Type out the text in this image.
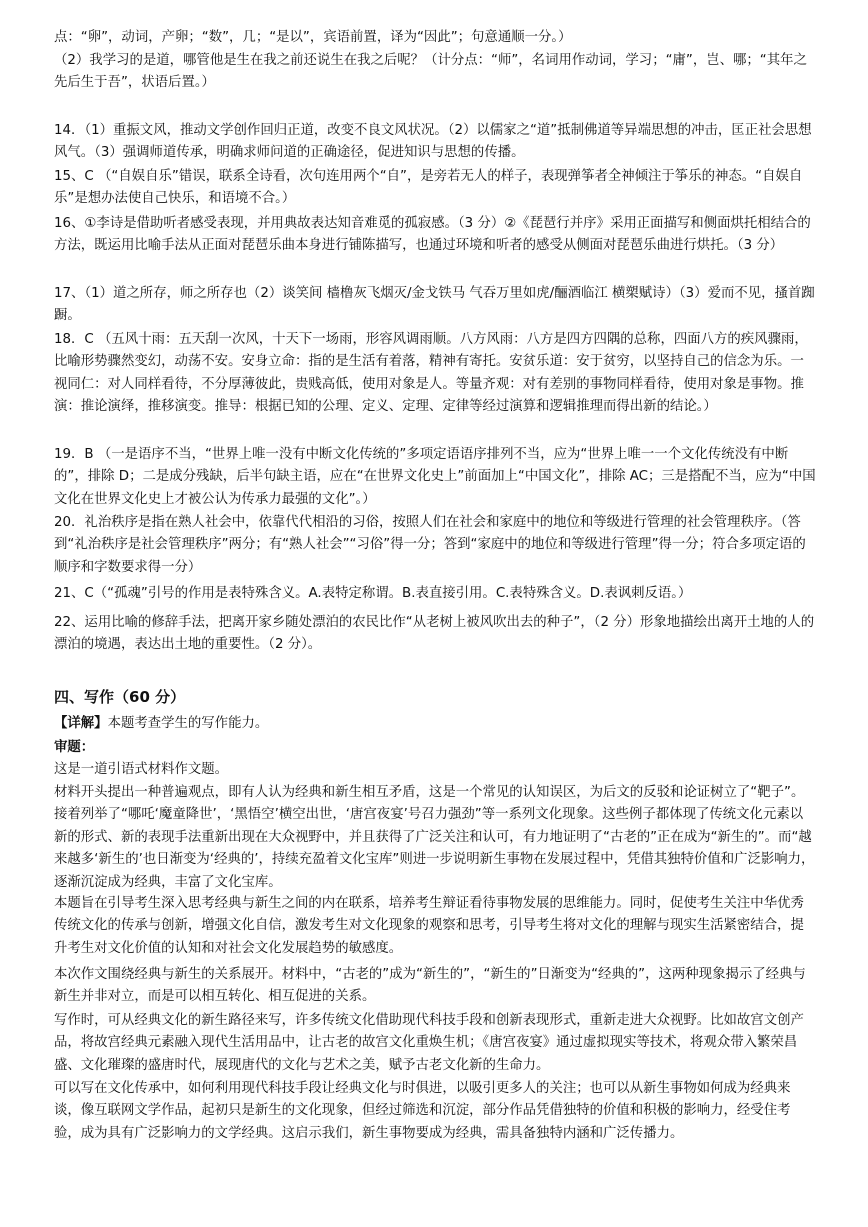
点：“卵”，动词，产卵；“数”，几；“是以”，宾语前置，译为“因此”；句意通顺一分。）

（2）我学习的是道，哪管他是生在我之前还说生在我之后呢？（计分点：“师”，名词用作动词，学习；“庸”，岂、哪；“其年之先后生于吾”，状语后置。）

14．（1）重振文风，推动文学创作回归正道，改变不良文风状况。（2）以儒家之“道”抵制佛道等异端思想的冲击，匡正社会思想风气。（3）强调师道传承，明确求师问道的正确途径，促进知识与思想的传播。

15、C （“自娱自乐”错误，联系全诗看，次句连用两个“自”，是旁若无人的样子，表现弹筝者全神倾注于筝乐的神态。“自娱自乐”是想办法使自己快乐，和语境不合。）

16、①李诗是借助听者感受表现，并用典故表达知音难觅的孤寂感。（3 分）②《琵琶行并序》采用正面描写和侧面烘托相结合的方法，既运用比喻手法从正面对琵琶乐曲本身进行铺陈描写，也通过环境和听者的感受从侧面对琵琶乐曲进行烘托。（3 分）

17、（1）道之所存，师之所存也（2）谈笑间 樯橹灰飞烟灭/金戈铁马 气吞万里如虎/酾酒临江 横槊赋诗）（3）爱而不见，搔首踟蹰。

18．C （五风十雨：五天刮一次风，十天下一场雨，形容风调雨顺。八方风雨：八方是四方四隅的总称，四面八方的疾风骤雨，比喻形势骤然变幻，动荡不安。安身立命：指的是生活有着落，精神有寄托。安贫乐道：安于贫穷，以坚持自己的信念为乐。一视同仁：对人同样看待，不分厚薄彼此，贵贱高低，使用对象是人。等量齐观：对有差别的事物同样看待，使用对象是事物。推演：推论演绎，推移演变。推导：根据已知的公理、定义、定理、定律等经过演算和逻辑推理而得出新的结论。）

19．B （一是语序不当，“世界上唯一没有中断文化传统的”多项定语语序排列不当，应为“世界上唯一一个文化传统没有中断的”，排除 D；二是成分残缺，后半句缺主语，应在“在世界文化史上”前面加上“中国文化”，排除 AC；三是搭配不当，应为“中国文化在世界文化史上才被公认为传承力最强的文化”。）

20．礼治秩序是指在熟人社会中，依靠代代相沿的习俗，按照人们在社会和家庭中的地位和等级进行管理的社会管理秩序。（答到“礼治秩序是社会管理秩序”两分；有“熟人社会”“习俗”得一分；答到“家庭中的地位和等级进行管理”得一分；符合多项定语的顺序和字数要求得一分）

21、C（“孤魂”引号的作用是表特殊含义。A.表特定称谓。B.表直接引用。C.表特殊含义。D.表讽刺反语。）

22、运用比喻的修辞手法，把离开家乡随处漂泊的农民比作“从老树上被风吹出去的种子”，（2 分）形象地描绘出离开土地的人的漂泊的境遇，表达出土地的重要性。（2 分）。

四、写作（60 分）

【详解】本题考查学生的写作能力。

审题：

这是一道引语式材料作文题。

材料开头提出一种普遍观点，即有人认为经典和新生相互矛盾，这是一个常见的认知误区，为后文的反驳和论证树立了“靶子”。接着列举了“哪吒‘魔童降世’，‘黑悟空’横空出世，‘唐宫夜宴’号召力强劲”等一系列文化现象。这些例子都体现了传统文化元素以新的形式、新的表现手法重新出现在大众视野中，并且获得了广泛关注和认可，有力地证明了“古老的”正在成为“新生的”。而“越来越多‘新生的’也日渐变为‘经典的’，持续充盈着文化宝库”则进一步说明新生事物在发展过程中，凭借其独特价值和广泛影响力，逐渐沉淀成为经典，丰富了文化宝库。

本题旨在引导考生深入思考经典与新生之间的内在联系，培养考生辩证看待事物发展的思维能力。同时，促使考生关注中华优秀传统文化的传承与创新，增强文化自信，激发考生对文化现象的观察和思考，引导考生将对文化的理解与现实生活紧密结合，提升考生对文化价值的认知和对社会文化发展趋势的敏感度。

本次作文围绕经典与新生的关系展开。材料中，“古老的”成为“新生的”，“新生的”日渐变为“经典的”，这两种现象揭示了经典与新生并非对立，而是可以相互转化、相互促进的关系。

写作时，可从经典文化的新生路径来写，许多传统文化借助现代科技手段和创新表现形式，重新走进大众视野。比如故宫文创产品，将故宫经典元素融入现代生活用品中，让古老的故宫文化重焕生机；《唐宫夜宴》通过虚拟现实等技术，将观众带入繁荣昌盛、文化璀璨的盛唐时代，展现唐代的文化与艺术之美，赋予古老文化新的生命力。

可以写在文化传承中，如何利用现代科技手段让经典文化与时俱进，以吸引更多人的关注；也可以从新生事物如何成为经典来谈，像互联网文学作品，起初只是新生的文化现象，但经过筛选和沉淀，部分作品凭借独特的价值和积极的影响力，经受住考验，成为具有广泛影响力的文学经典。这启示我们，新生事物要成为经典，需具备独特内涵和广泛传播力。
